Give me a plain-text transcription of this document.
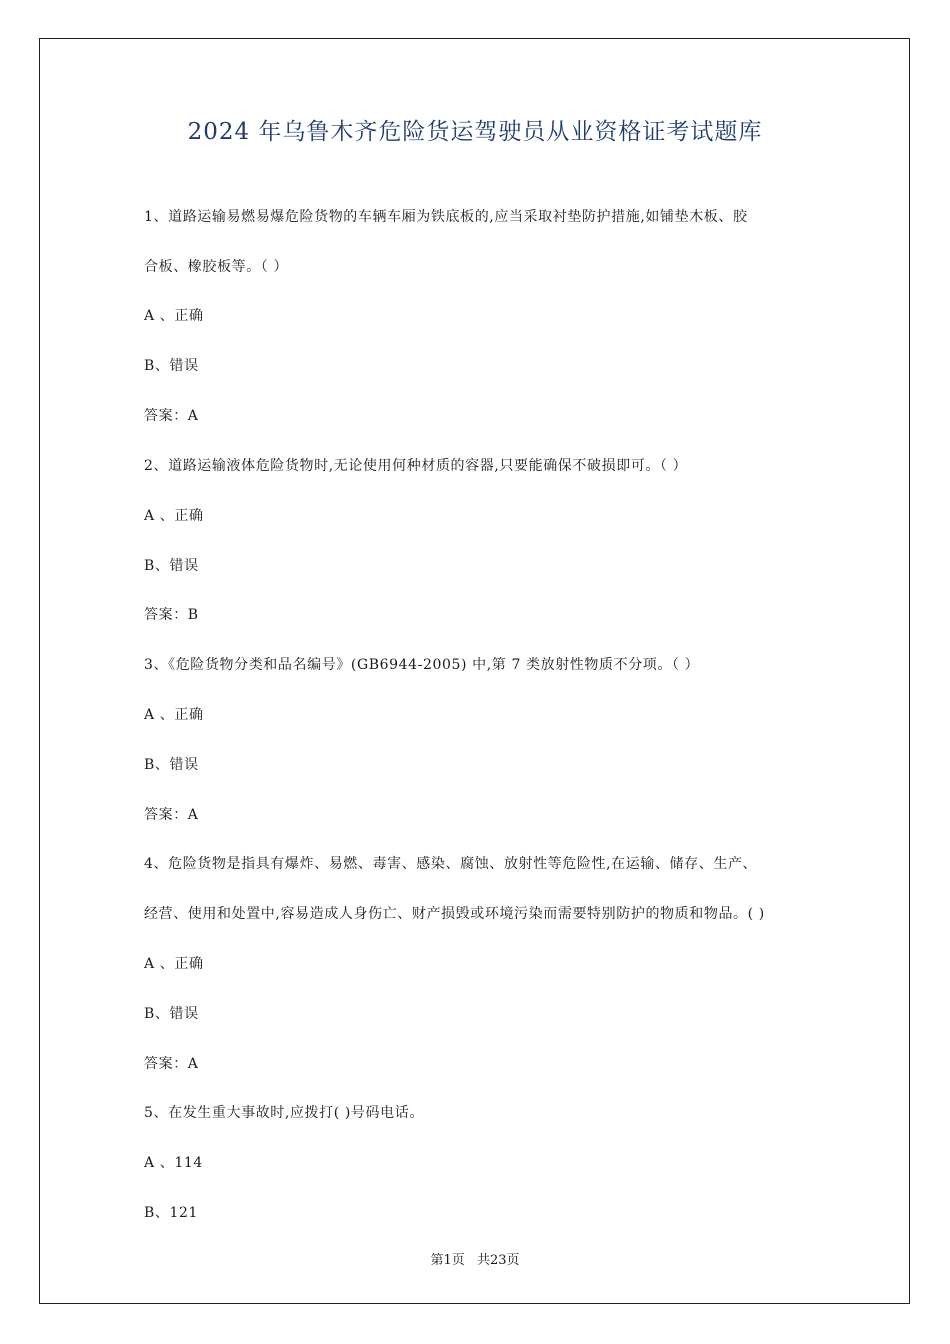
2024 年乌鲁木齐危险货运驾驶员从业资格证考试题库
1、道路运输易燃易爆危险货物的车辆车厢为铁底板的,应当采取衬垫防护措施,如铺垫木板、胶
合板、橡胶板等。（ ）
A 、正确
B、错误
答案：A
2、道路运输液体危险货物时,无论使用何种材质的容器,只要能确保不破损即可。（ ）
A 、正确
B、错误
答案：B
3、《危险货物分类和品名编号》(GB6944-2005) 中,第 7 类放射性物质不分项。（ ）
A 、正确
B、错误
答案：A
4、危险货物是指具有爆炸、易燃、毒害、感染、腐蚀、放射性等危险性,在运输、储存、生产、
经营、使用和处置中,容易造成人身伤亡、财产损毁或环境污染而需要特别防护的物质和物品。( )
A 、正确
B、错误
答案：A
5、在发生重大事故时,应拨打( )号码电话。
A 、114
B、121
第1页 共23页
